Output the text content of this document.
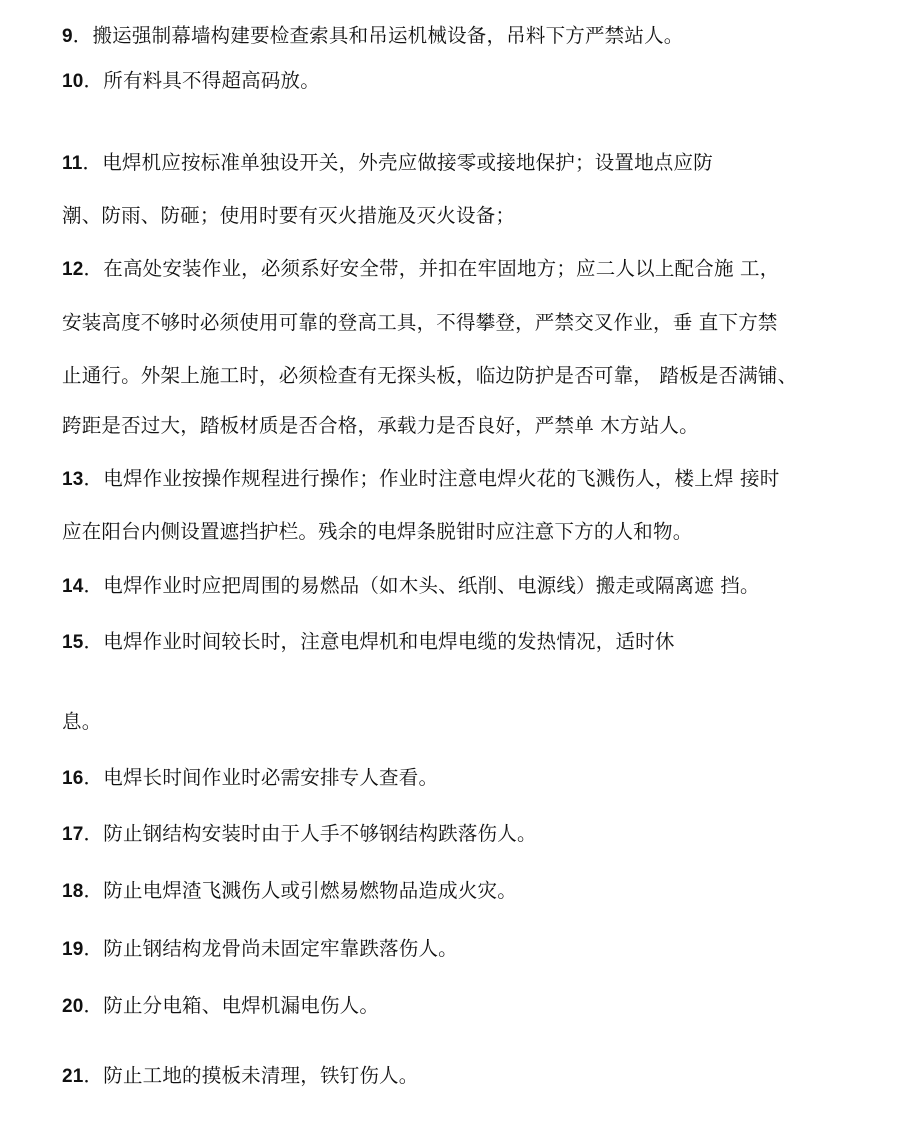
9．搬运强制幕墙构建要检查索具和吊运机械设备，吊料下方严禁站人。
10．所有料具不得超高码放。
11．电焊机应按标准单独设开关，外壳应做接零或接地保护；设置地点应防
潮、防雨、防砸；使用时要有灭火措施及灭火设备；
12．在高处安装作业，必须系好安全带，并扣在牢固地方；应二人以上配合施 工，
安装高度不够时必须使用可靠的登高工具，不得攀登，严禁交叉作业，垂 直下方禁
止通行。外架上施工时，必须检查有无探头板，临边防护是否可靠， 踏板是否满铺、
跨距是否过大，踏板材质是否合格，承载力是否良好，严禁单 木方站人。
13．电焊作业按操作规程进行操作；作业时注意电焊火花的飞溅伤人，楼上焊 接时
应在阳台内侧设置遮挡护栏。残余的电焊条脱钳时应注意下方的人和物。
14．电焊作业时应把周围的易燃品（如木头、纸削、电源线）搬走或隔离遮 挡。
15．电焊作业时间较长时，注意电焊机和电焊电缆的发热情况，适时休
息。
16．电焊长时间作业时必需安排专人查看。
17．防止钢结构安装时由于人手不够钢结构跌落伤人。
18．防止电焊渣飞溅伤人或引燃易燃物品造成火灾。
19．防止钢结构龙骨尚未固定牢靠跌落伤人。
20．防止分电箱、电焊机漏电伤人。
21．防止工地的摸板未清理，铁钉伤人。
